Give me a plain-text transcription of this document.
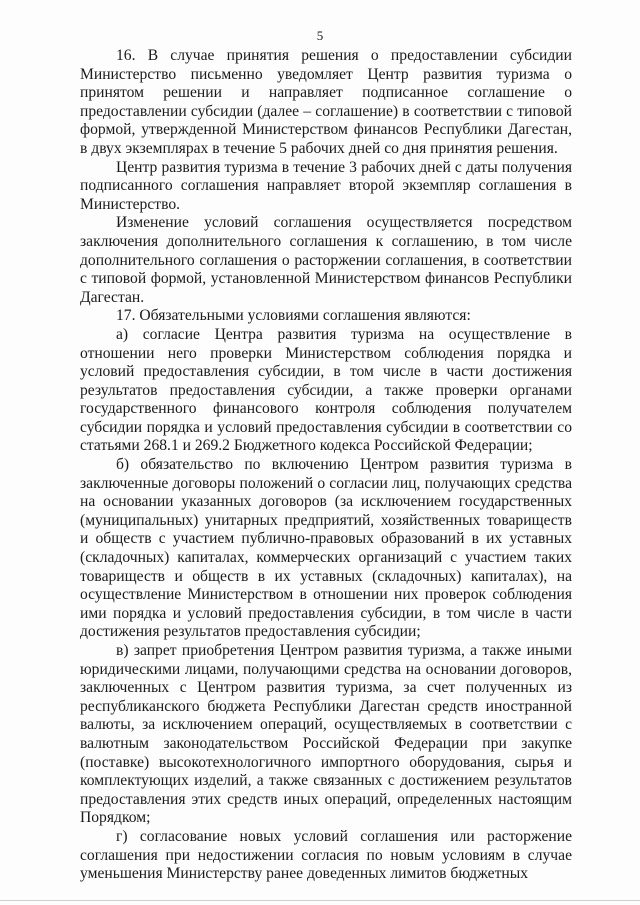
5

16. В случае принятия решения о предоставлении субсидии Министерство письменно уведомляет Центр развития туризма о принятом решении и направляет подписанное соглашение о предоставлении субсидии (далее – соглашение) в соответствии с типовой формой, утвержденной Министерством финансов Республики Дагестан, в двух экземплярах в течение 5 рабочих дней со дня принятия решения.

Центр развития туризма в течение 3 рабочих дней с даты получения подписанного соглашения направляет второй экземпляр соглашения в Министерство.

Изменение условий соглашения осуществляется посредством заключения дополнительного соглашения к соглашению, в том числе дополнительного соглашения о расторжении соглашения, в соответствии с типовой формой, установленной Министерством финансов Республики Дагестан.

17. Обязательными условиями соглашения являются:

а) согласие Центра развития туризма на осуществление в отношении него проверки Министерством соблюдения порядка и условий предоставления субсидии, в том числе в части достижения результатов предоставления субсидии, а также проверки органами государственного финансового контроля соблюдения получателем субсидии порядка и условий предоставления субсидии в соответствии со статьями 268.1 и 269.2 Бюджетного кодекса Российской Федерации;

б) обязательство по включению Центром развития туризма в заключенные договоры положений о согласии лиц, получающих средства на основании указанных договоров (за исключением государственных (муниципальных) унитарных предприятий, хозяйственных товариществ и обществ с участием публично-правовых образований в их уставных (складочных) капиталах, коммерческих организаций с участием таких товариществ и обществ в их уставных (складочных) капиталах), на осуществление Министерством в отношении них проверок соблюдения ими порядка и условий предоставления субсидии, в том числе в части достижения результатов предоставления субсидии;

в) запрет приобретения Центром развития туризма, а также иными юридическими лицами, получающими средства на основании договоров, заключенных с Центром развития туризма, за счет полученных из республиканского бюджета Республики Дагестан средств иностранной валюты, за исключением операций, осуществляемых в соответствии с валютным законодательством Российской Федерации при закупке (поставке) высокотехнологичного импортного оборудования, сырья и комплектующих изделий, а также связанных с достижением результатов предоставления этих средств иных операций, определенных настоящим Порядком;

г) согласование новых условий соглашения или расторжение соглашения при недостижении согласия по новым условиям в случае уменьшения Министерству ранее доведенных лимитов бюджетных
